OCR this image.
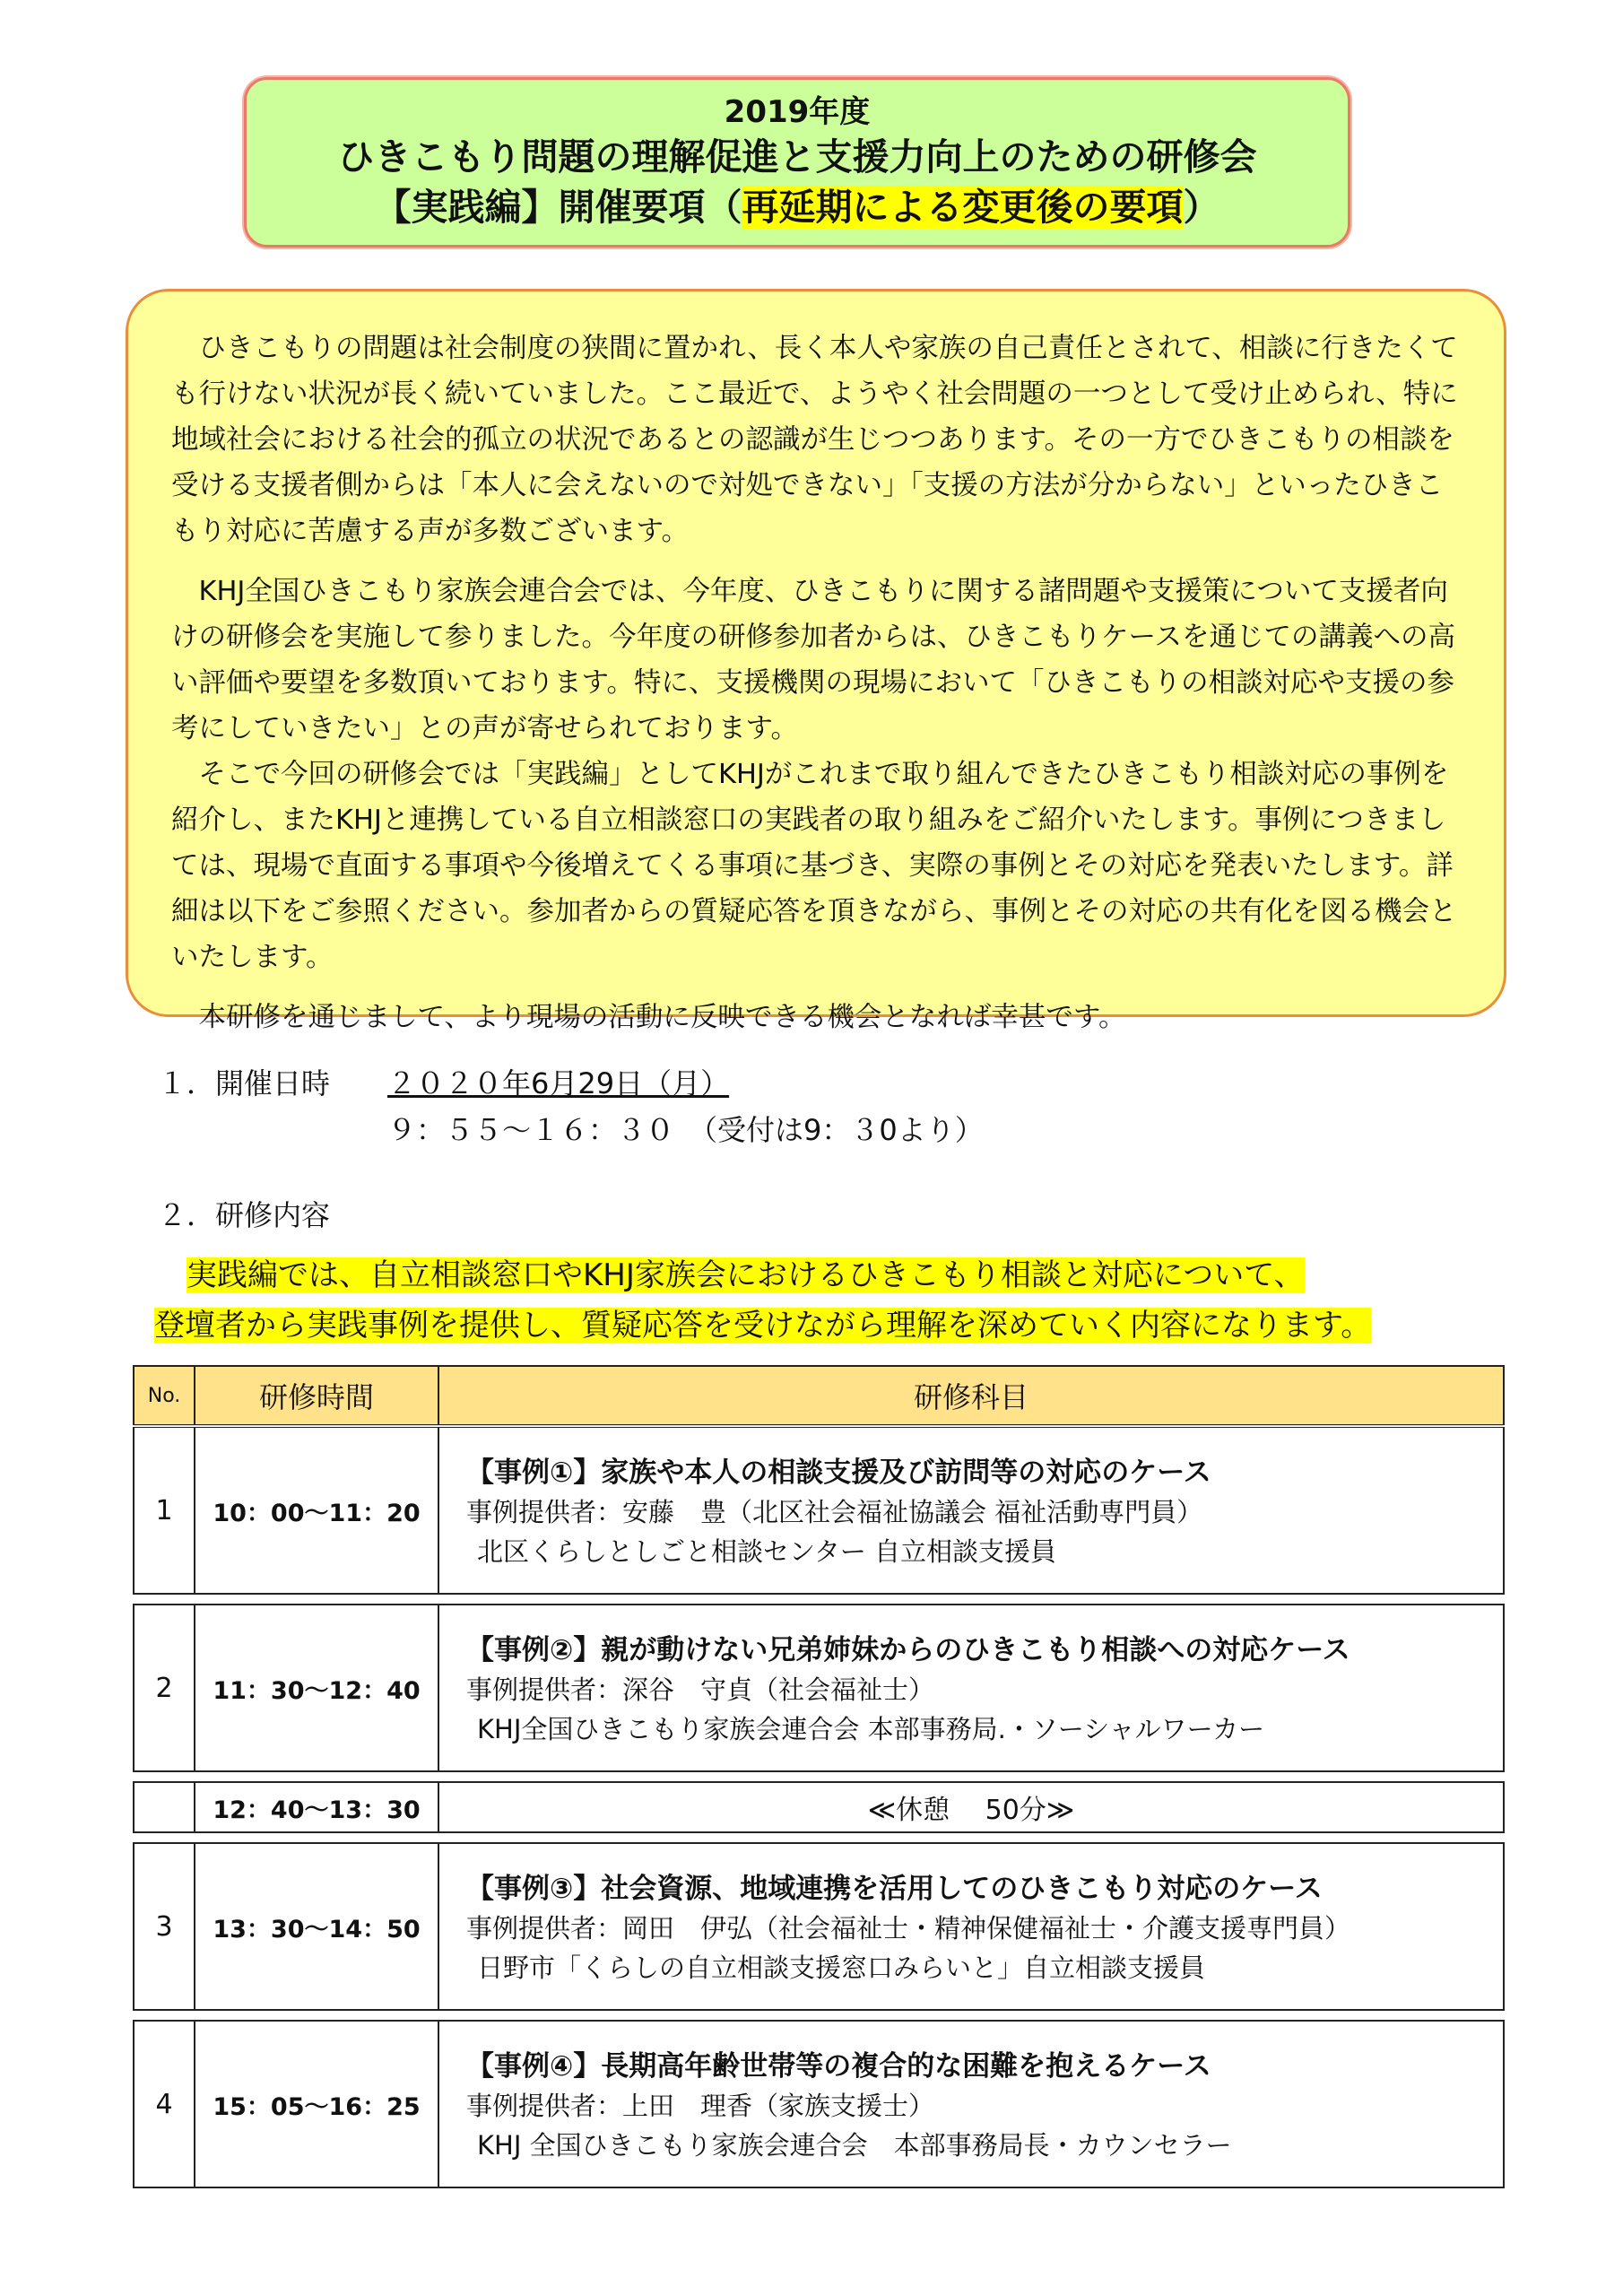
2019年度
ひきこもり問題の理解促進と支援力向上のための研修会
【実践編】開催要項（再延期による変更後の要項）

ひきこもりの問題は社会制度の狭間に置かれ、長く本人や家族の自己責任とされて、相談に行きたくても行けない状況が長く続いていました。ここ最近で、ようやく社会問題の一つとして受け止められ、特に地域社会における社会的孤立の状況であるとの認識が生じつつあります。その一方でひきこもりの相談を受ける支援者側からは「本人に会えないので対処できない」「支援の方法が分からない」といったひきこもり対応に苦慮する声が多数ございます。

KHJ全国ひきこもり家族会連合会では、今年度、ひきこもりに関する諸問題や支援策について支援者向けの研修会を実施して参りました。今年度の研修参加者からは、ひきこもりケースを通じての講義への高い評価や要望を多数頂いております。特に、支援機関の現場において「ひきこもりの相談対応や支援の参考にしていきたい」との声が寄せられております。

そこで今回の研修会では「実践編」としてKHJがこれまで取り組んできたひきこもり相談対応の事例を紹介し、またKHJと連携している自立相談窓口の実践者の取り組みをご紹介いたします。事例につきましては、現場で直面する事項や今後増えてくる事項に基づき、実際の事例とその対応を発表いたします。詳細は以下をご参照ください。参加者からの質疑応答を頂きながら、事例とその対応の共有化を図る機会といたします。

本研修を通じまして、より現場の活動に反映できる機会となれば幸甚です。

１．開催日時	２０２０年6月29日（月）
９：５５～１６：３０　（受付は9：３0より）
２．研修内容
実践編では、自立相談窓口やKHJ家族会におけるひきこもり相談と対応について、
登壇者から実践事例を提供し、質疑応答を受けながら理解を深めていく内容になります。
No.	研修時間	研修科目
1	10：00～11：20	【事例①】家族や本人の相談支援及び訪問等の対応のケース
事例提供者：安藤　豊（北区社会福祉協議会 福祉活動専門員）
北区くらしとしごと相談センター 自立相談支援員

2	11：30～12：40	【事例②】親が動けない兄弟姉妹からのひきこもり相談への対応ケース
事例提供者：深谷　守貞（社会福祉士）
KHJ全国ひきこもり家族会連合会 本部事務局.・ソーシャルワーカー

	12：40～13：30	≪休憩　 50分≫

3	13：30～14：50	【事例③】社会資源、地域連携を活用してのひきこもり対応のケース
事例提供者：岡田　伊弘（社会福祉士・精神保健福祉士・介護支援専門員）
日野市「くらしの自立相談支援窓口みらいと」自立相談支援員

4	15：05～16：25	【事例④】長期高年齢世帯等の複合的な困難を抱えるケース
事例提供者：上田　理香（家族支援士）
KHJ 全国ひきこもり家族会連合会　本部事務局長・カウンセラー
